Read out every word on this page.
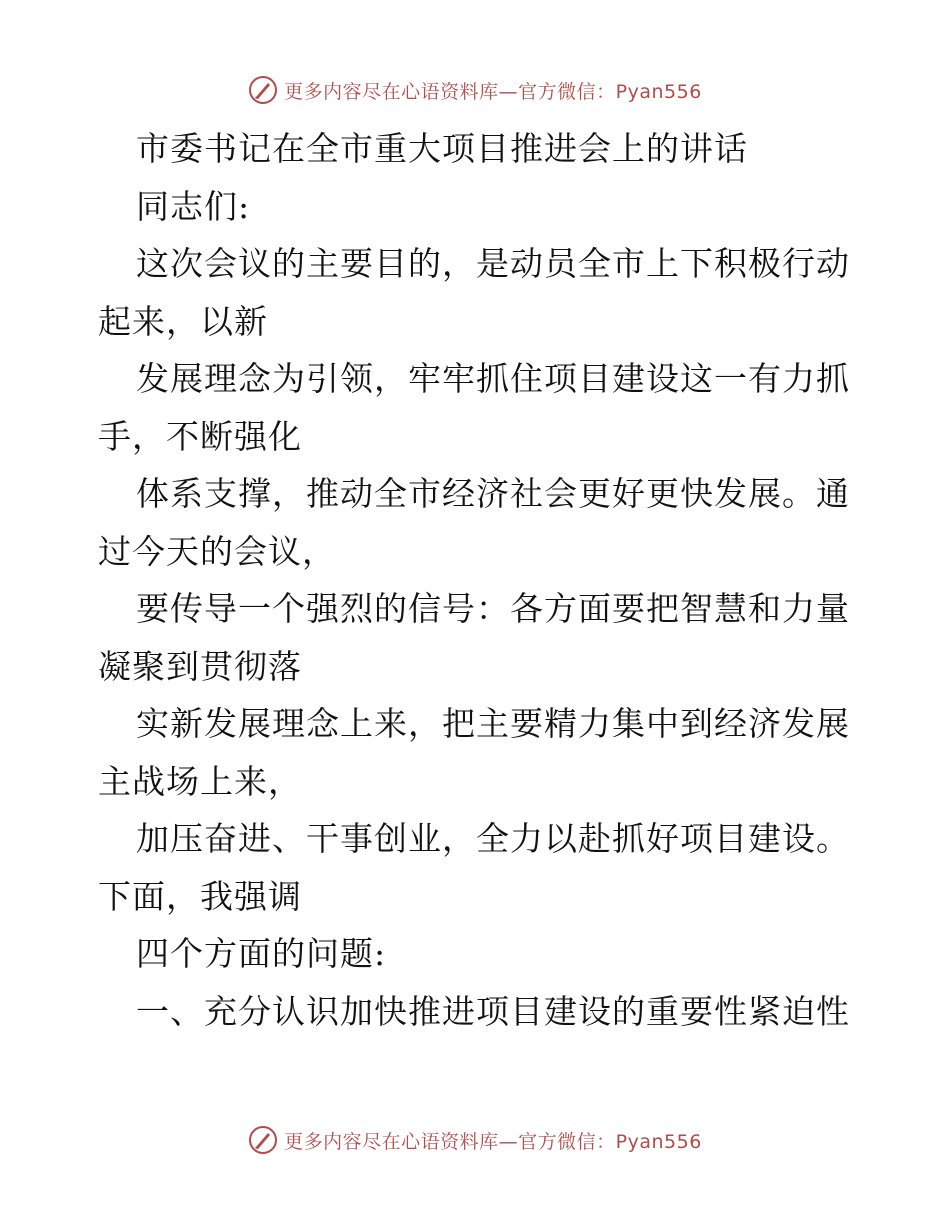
更多内容尽在心语资料库—官方微信：Pyan556
市委书记在全市重大项目推进会上的讲话
同志们:
这次会议的主要目的，是动员全市上下积极行动
起来，以新
发展理念为引领，牢牢抓住项目建设这一有力抓
手，不断强化
体系支撑，推动全市经济社会更好更快发展。通
过今天的会议，
要传导一个强烈的信号：各方面要把智慧和力量
凝聚到贯彻落
实新发展理念上来，把主要精力集中到经济发展
主战场上来，
加压奋进、干事创业，全力以赴抓好项目建设。
下面，我强调
四个方面的问题:
一、充分认识加快推进项目建设的重要性紧迫性
更多内容尽在心语资料库—官方微信：Pyan556
